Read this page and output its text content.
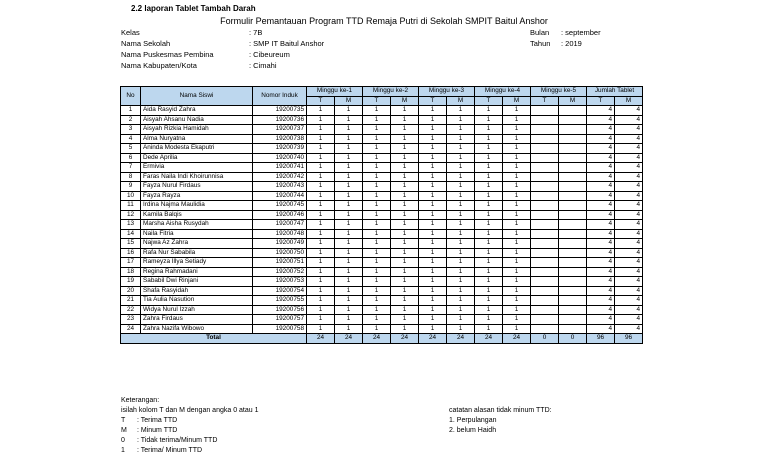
2.2 laporan Tablet Tambah Darah
Formulir Pemantauan Program TTD Remaja Putri di Sekolah SMPIT Baitul Anshor
Kelas	: 7B
Nama Sekolah	: SMP IT Baitul Anshor
Nama Puskesmas Pembina	: Cibeureum
Nama Kabupaten/Kota	: Cimahi
Bulan : september
Tahun : 2019
No	Nama Siswi	Nomor Induk	Minggu ke-1		Minggu ke-2		Minggu ke-3		Minggu ke-4		Minggu ke-5		Jumlah Tablet	
			T	M	T	M	T	M	T	M	T	M	T	M
1	Aida Rasyid Zahra	19200735	1	1	1	1	1	1	1	1			4	4
2	Aisyah Ahsanu Nadia	19200736	1	1	1	1	1	1	1	1			4	4
3	Aisyah Rizkia Hamidah	19200737	1	1	1	1	1	1	1	1			4	4
4	Alma Nuryatna	19200738	1	1	1	1	1	1	1	1			4	4
5	Aninda Modesta Ekaputri	19200739	1	1	1	1	1	1	1	1			4	4
6	Dede Aprilia	19200740	1	1	1	1	1	1	1	1			4	4
7	Ermivia	19200741	1	1	1	1	1	1	1	1			4	4
8	Faras Naila Indi Khoirunnisa	19200742	1	1	1	1	1	1	1	1			4	4
9	Fayza Nurul Firdaus	19200743	1	1	1	1	1	1	1	1			4	4
10	Fayza Rayza	19200744	1	1	1	1	1	1	1	1			4	4
11	Irdina Najma Maulidia	19200745	1	1	1	1	1	1	1	1			4	4
12	Kamila Balqis	19200746	1	1	1	1	1	1	1	1			4	4
13	Marsha Aisha Rusydah	19200747	1	1	1	1	1	1	1	1			4	4
14	Naila Fitria	19200748	1	1	1	1	1	1	1	1			4	4
15	Najwa Az Zahra	19200749	1	1	1	1	1	1	1	1			4	4
16	Rafa Nur Sababila	19200750	1	1	1	1	1	1	1	1			4	4
17	Rameyza Illya Setiady	19200751	1	1	1	1	1	1	1	1			4	4
18	Regina Rahmadani	19200752	1	1	1	1	1	1	1	1			4	4
19	Sababil Dwi Rinjani	19200753	1	1	1	1	1	1	1	1			4	4
20	Shafa Rasyidah	19200754	1	1	1	1	1	1	1	1			4	4
21	Tia Aulia Nasution	19200755	1	1	1	1	1	1	1	1			4	4
22	Widya Nurul Izzah	19200756	1	1	1	1	1	1	1	1			4	4
23	Zahra Firdaus	19200757	1	1	1	1	1	1	1	1			4	4
24	Zahra Nazifa Wibowo	19200758	1	1	1	1	1	1	1	1			4	4
Total			24	24	24	24	24	24	24	24	0	0	96	96
Keterangan:
isilah kolom T dan M dengan angka 0 atau 1
T : Terima TTD
M : Minum TTD
0 : Tidak terima/Minum TTD
1 : Terima/ Minum TTD
catatan alasan tidak minum TTD:
1. Perpulangan
2. belum Haidh
